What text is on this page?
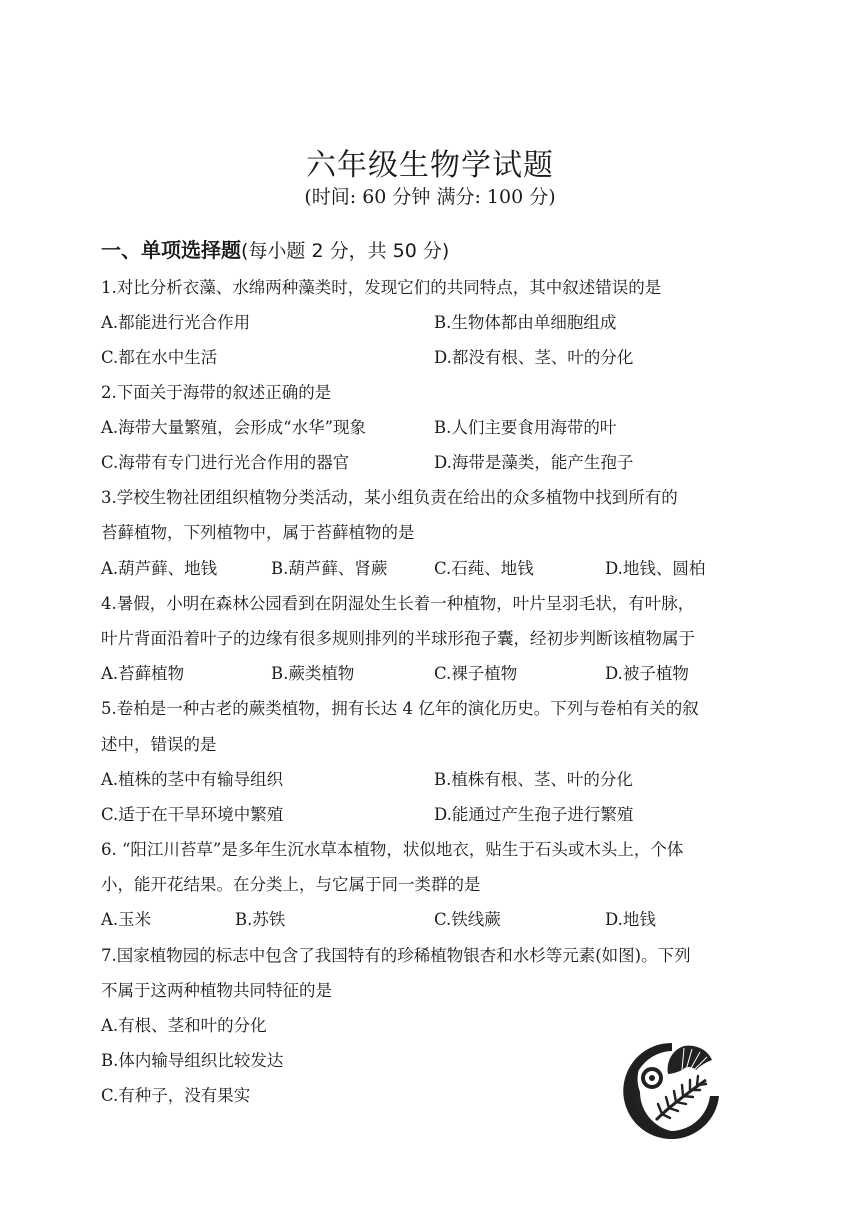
六年级生物学试题
(时间: 60 分钟 满分: 100 分)
一、单项选择题(每小题 2 分，共 50 分)
1.对比分析衣藻、水绵两种藻类时，发现它们的共同特点，其中叙述错误的是
A.都能进行光合作用	B.生物体都由单细胞组成
C.都在水中生活	D.都没有根、茎、叶的分化
2.下面关于海带的叙述正确的是
A.海带大量繁殖，会形成“水华”现象	B.人们主要食用海带的叶
C.海带有专门进行光合作用的器官	D.海带是藻类，能产生孢子
3.学校生物社团组织植物分类活动，某小组负责在给出的众多植物中找到所有的
苔藓植物，下列植物中，属于苔藓植物的是
A.葫芦藓、地钱	B.葫芦藓、肾蕨	C.石莼、地钱	D.地钱、圆柏
4.暑假，小明在森林公园看到在阴湿处生长着一种植物，叶片呈羽毛状，有叶脉，
叶片背面沿着叶子的边缘有很多规则排列的半球形孢子囊，经初步判断该植物属于
A.苔藓植物	B.蕨类植物	C.裸子植物	D.被子植物
5.卷柏是一种古老的蕨类植物，拥有长达 4 亿年的演化历史。下列与卷柏有关的叙
述中，错误的是
A.植株的茎中有输导组织	B.植株有根、茎、叶的分化
C.适于在干旱环境中繁殖	D.能通过产生孢子进行繁殖
6. “阳江川苔草”是多年生沉水草本植物，状似地衣，贴生于石头或木头上，个体
小，能开花结果。在分类上，与它属于同一类群的是
A.玉米	B.苏铁	C.铁线蕨	D.地钱
7.国家植物园的标志中包含了我国特有的珍稀植物银杏和水杉等元素(如图)。下列
不属于这两种植物共同特征的是
A.有根、茎和叶的分化
B.体内输导组织比较发达
C.有种子，没有果实
